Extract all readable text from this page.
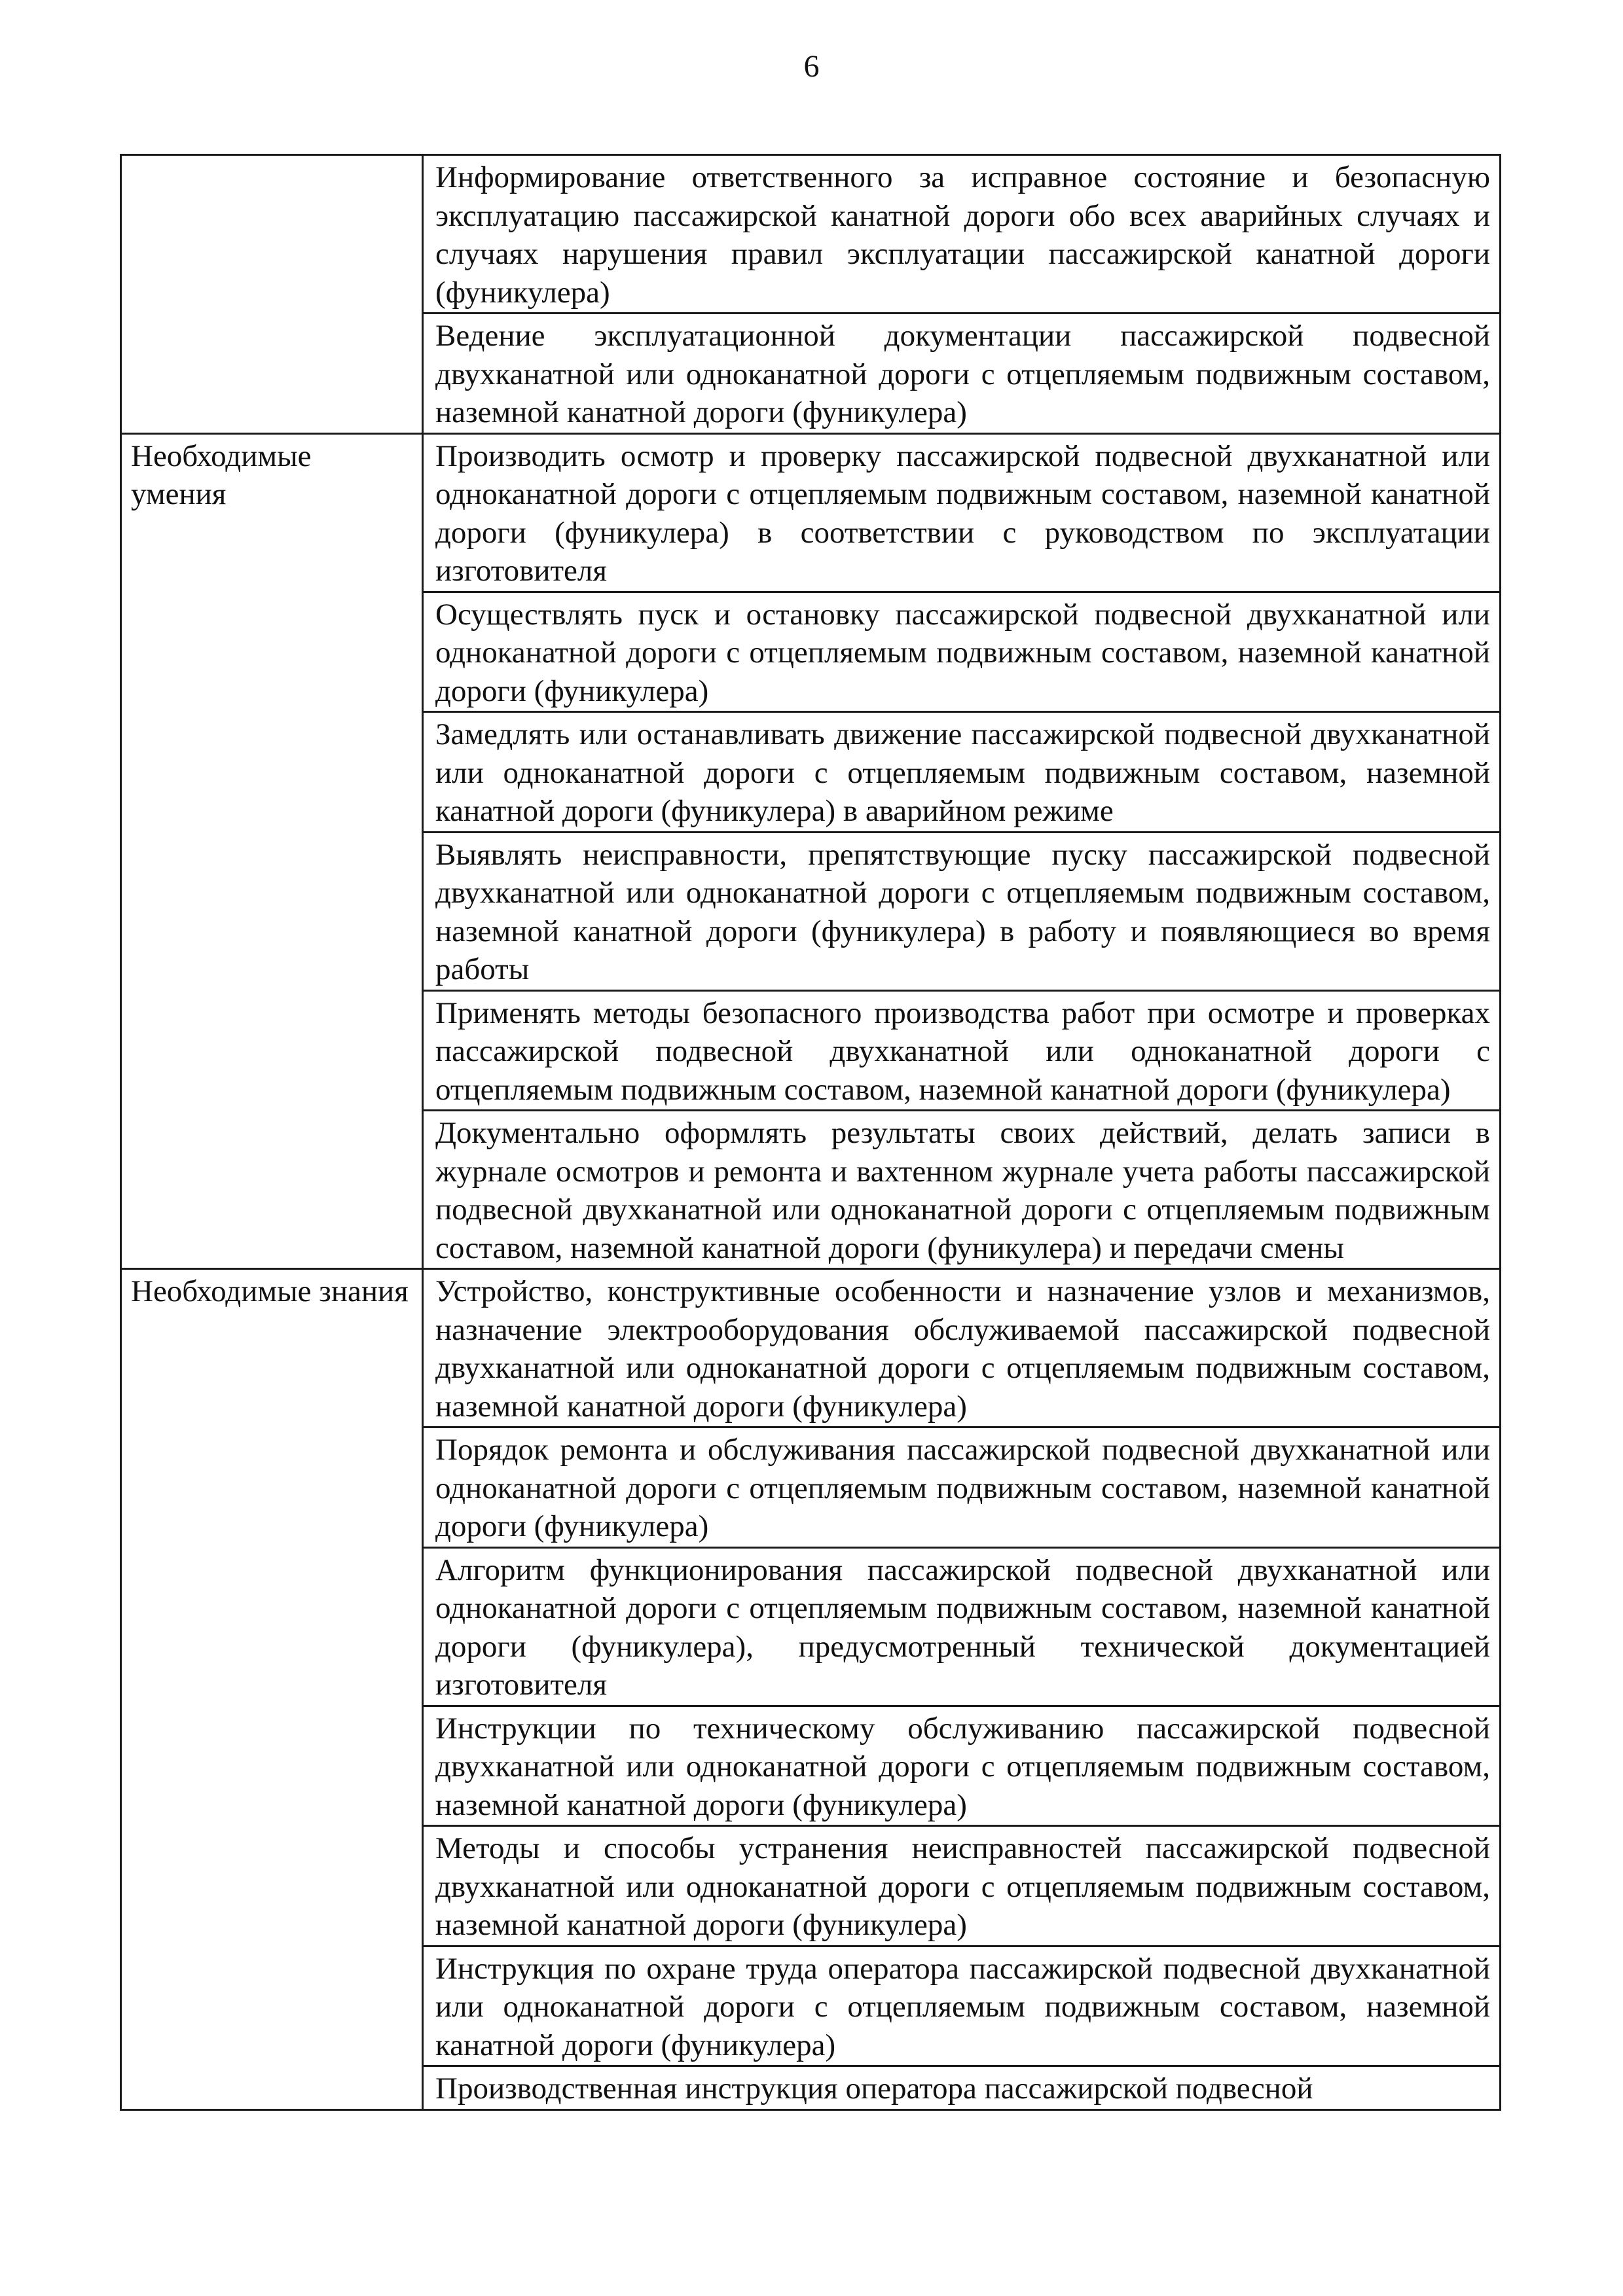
6
	Информирование ответственного за исправное состояние и безопасную эксплуатацию пассажирской канатной дороги обо всех аварийных случаях и случаях нарушения правил эксплуатации пассажирской канатной дороги (фуникулера)
	Ведение эксплуатационной документации пассажирской подвесной двухканатной или одноканатной дороги с отцепляемым подвижным составом, наземной канатной дороги (фуникулера)
Необходимые умения	Производить осмотр и проверку пассажирской подвесной двухканатной или одноканатной дороги с отцепляемым подвижным составом, наземной канатной дороги (фуникулера) в соответствии с руководством по эксплуатации изготовителя
	Осуществлять пуск и остановку пассажирской подвесной двухканатной или одноканатной дороги с отцепляемым подвижным составом, наземной канатной дороги (фуникулера)
	Замедлять или останавливать движение пассажирской подвесной двухканатной или одноканатной дороги с отцепляемым подвижным составом, наземной канатной дороги (фуникулера) в аварийном режиме
	Выявлять неисправности, препятствующие пуску пассажирской подвесной двухканатной или одноканатной дороги с отцепляемым подвижным составом, наземной канатной дороги (фуникулера) в работу и появляющиеся во время работы
	Применять методы безопасного производства работ при осмотре и проверках пассажирской подвесной двухканатной или одноканатной дороги с отцепляемым подвижным составом, наземной канатной дороги (фуникулера)
	Документально оформлять результаты своих действий, делать записи в журнале осмотров и ремонта и вахтенном журнале учета работы пассажирской подвесной двухканатной или одноканатной дороги с отцепляемым подвижным составом, наземной канатной дороги (фуникулера) и передачи смены
Необходимые знания	Устройство, конструктивные особенности и назначение узлов и механизмов, назначение электрооборудования обслуживаемой пассажирской подвесной двухканатной или одноканатной дороги с отцепляемым подвижным составом, наземной канатной дороги (фуникулера)
	Порядок ремонта и обслуживания пассажирской подвесной двухканатной или одноканатной дороги с отцепляемым подвижным составом, наземной канатной дороги (фуникулера)
	Алгоритм функционирования пассажирской подвесной двухканатной или одноканатной дороги с отцепляемым подвижным составом, наземной канатной дороги (фуникулера), предусмотренный технической документацией изготовителя
	Инструкции по техническому обслуживанию пассажирской подвесной двухканатной или одноканатной дороги с отцепляемым подвижным составом, наземной канатной дороги (фуникулера)
	Методы и способы устранения неисправностей пассажирской подвесной двухканатной или одноканатной дороги с отцепляемым подвижным составом, наземной канатной дороги (фуникулера)
	Инструкция по охране труда оператора пассажирской подвесной двухканатной или одноканатной дороги с отцепляемым подвижным составом, наземной канатной дороги (фуникулера)
	Производственная инструкция оператора пассажирской подвесной
